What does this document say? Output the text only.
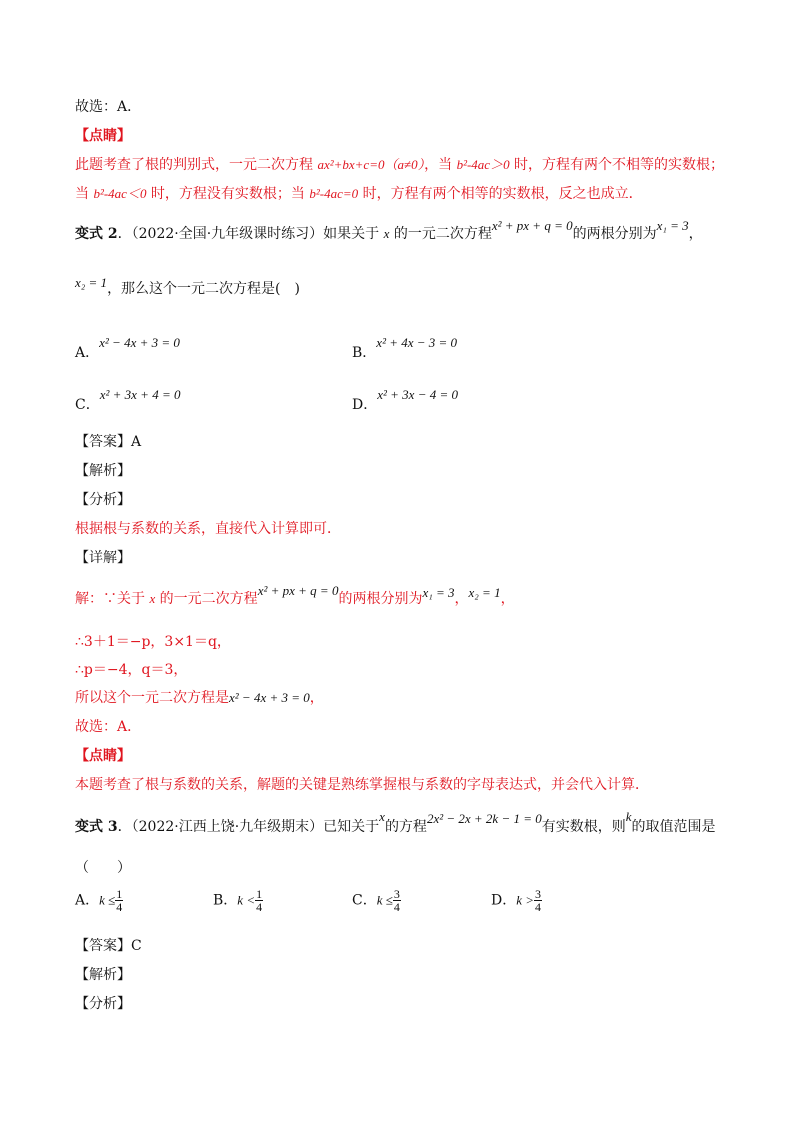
故选：A．
【点睛】
此题考查了根的判别式，一元二次方程 ax²+bx+c=0（a≠0），当 b²-4ac＞0 时，方程有两个不相等的实数根；
当 b²-4ac＜0 时，方程没有实数根；当 b²-4ac=0 时，方程有两个相等的实数根，反之也成立．
变式 2．（2022·全国·九年级课时练习）如果关于 x 的一元二次方程x² + px + q = 0的两根分别为x₁ = 3，
x₂ = 1，那么这个一元二次方程是(　)
A．x² − 4x + 3 = 0
B．x² + 4x − 3 = 0
C．x² + 3x + 4 = 0
D．x² + 3x − 4 = 0
【答案】A
【解析】
【分析】
根据根与系数的关系，直接代入计算即可．
【详解】
解：∵关于 x 的一元二次方程x² + px + q = 0的两根分别为x₁ = 3，x₂ = 1，
∴3＋1＝−p，3×1＝q，
∴p＝−4，q＝3，
所以这个一元二次方程是x² − 4x + 3 = 0，
故选：A．
【点睛】
本题考查了根与系数的关系，解题的关键是熟练掌握根与系数的字母表达式，并会代入计算．
变式 3．（2022·江西上饶·九年级期末）已知关于x的方程2x² − 2x + 2k − 1 = 0有实数根，则k的取值范围是
（　　）
A．$k \le \frac{1}{4}$	B．$k < \frac{1}{4}$	C．$k \le \frac{3}{4}$	D．$k > \frac{3}{4}$
【答案】C
【解析】
【分析】
